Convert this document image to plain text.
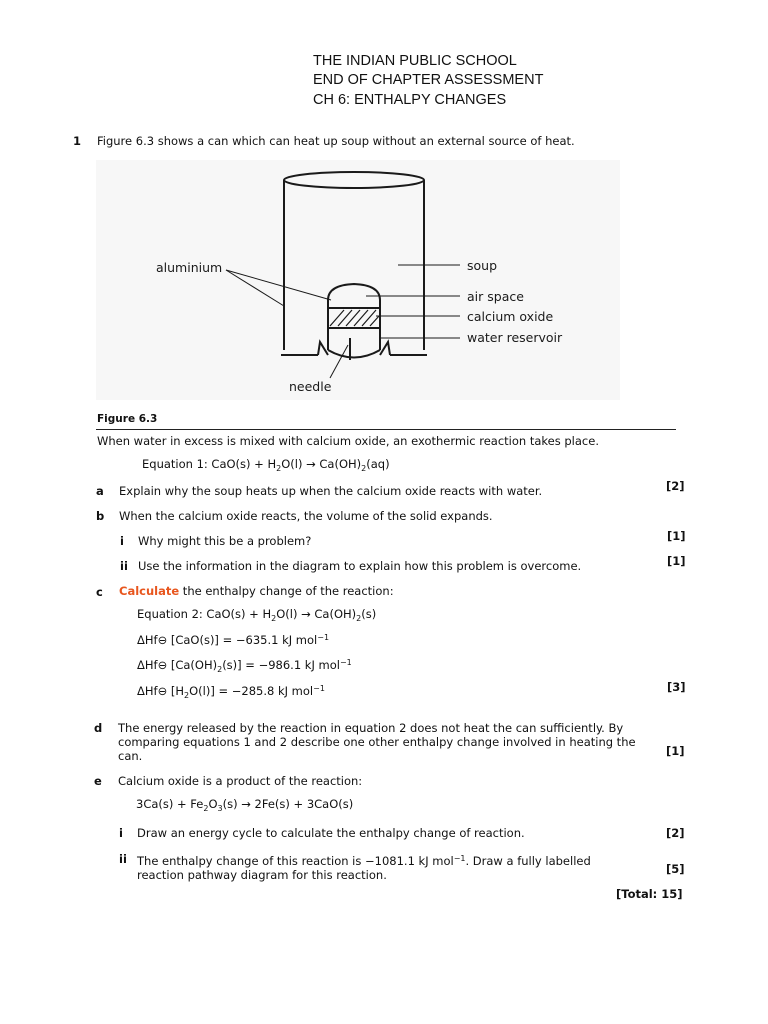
THE INDIAN PUBLIC SCHOOL
END OF CHAPTER ASSESSMENT
CH 6: ENTHALPY CHANGES
1 Figure 6.3 shows a can which can heat up soup without an external source of heat.
aluminium	soup
air space
calcium oxide
water reservoir
needle
Figure 6.3
When water in excess is mixed with calcium oxide, an exothermic reaction takes place.
Equation 1: $CaO(s) + H_2O(l) \to Ca(OH)_2(aq)$
a Explain why the soup heats up when the calcium oxide reacts with water.	[2]
b When the calcium oxide reacts, the volume of the solid expands.
i Why might this be a problem?	[1]
ii Use the information in the diagram to explain how this problem is overcome.	[1]
c Calculate the enthalpy change of the reaction:
Equation 2: $CaO(s) + H_2O(l) \to Ca(OH)_2(s)$
ΔHf⊖ [CaO(s)] = −635.1 kJ mol$^{-1}$
ΔHf⊖ $[Ca(OH)_2(s)] = -986.1$ kJ mol$^{-1}$
ΔHf⊖ $[H_2O(l)] = -285.8$ kJ mol$^{-1}$	[3]
d The energy released by the reaction in equation 2 does not heat the can sufficiently. By comparing equations 1 and 2 describe one other enthalpy change involved in heating the can.	[1]
e Calcium oxide is a product of the reaction:
$3Ca(s) + Fe_2O_3(s) \to 2Fe(s) + 3CaO(s)$
i Draw an energy cycle to calculate the enthalpy change of reaction.	[2]
ii The enthalpy change of this reaction is −1081.1 kJ mol$^{-1}$. Draw a fully labelled reaction pathway diagram for this reaction.	[5]
[Total: 15]
